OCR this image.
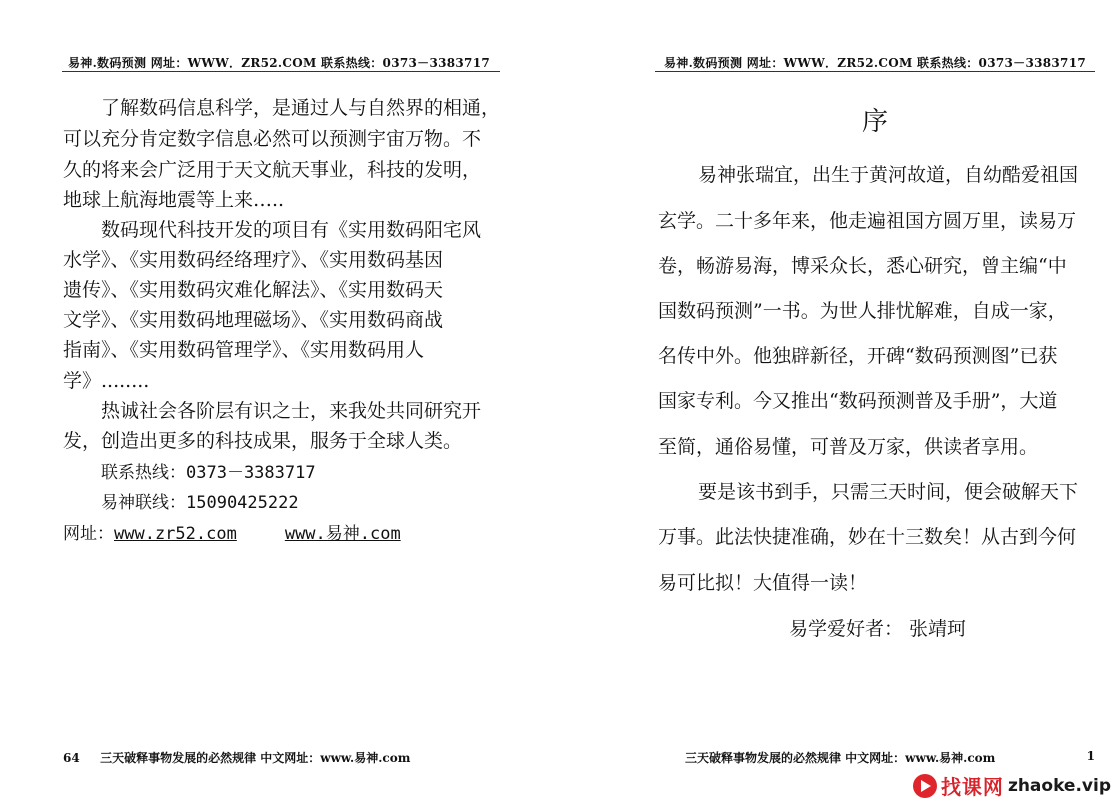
易神.数码预测 网址：WWW．ZR52.COM 联系热线：0373－3383717
了解数码信息科学，是通过人与自然界的相通，
可以充分肯定数字信息必然可以预测宇宙万物。不
久的将来会广泛用于天文航天事业，科技的发明，
地球上航海地震等上来…..
数码现代科技开发的项目有《实用数码阳宅风
水学》、《实用数码经络理疗》、《实用数码基因
遗传》、《实用数码灾难化解法》、《实用数码天
文学》、《实用数码地理磁场》、《实用数码商战
指南》、《实用数码管理学》、《实用数码用人
学》........
热诚社会各阶层有识之士，来我处共同研究开
发，创造出更多的科技成果，服务于全球人类。
联系热线：0373－3383717
易神联线：15090425222
网址：www.zr52.com	www.易神.com
64 三天破释事物发展的必然规律 中文网址：www.易神.com
易神.数码预测 网址：WWW．ZR52.COM 联系热线：0373－3383717
序
易神张瑞宜，出生于黄河故道，自幼酷爱祖国
玄学。二十多年来，他走遍祖国方圆万里，读易万
卷，畅游易海，博采众长，悉心研究，曾主编“中
国数码预测”一书。为世人排忧解难，自成一家，
名传中外。他独辟新径，开碑“数码预测图”已获
国家专利。今又推出“数码预测普及手册”，大道
至简，通俗易懂，可普及万家，供读者享用。
要是该书到手，只需三天时间，便会破解天下
万事。此法快捷准确，妙在十三数矣！从古到今何
易可比拟！大值得一读！
易学爱好者： 张靖珂
三天破释事物发展的必然规律 中文网址：www.易神.com	1
找课网 zhaoke.vip
